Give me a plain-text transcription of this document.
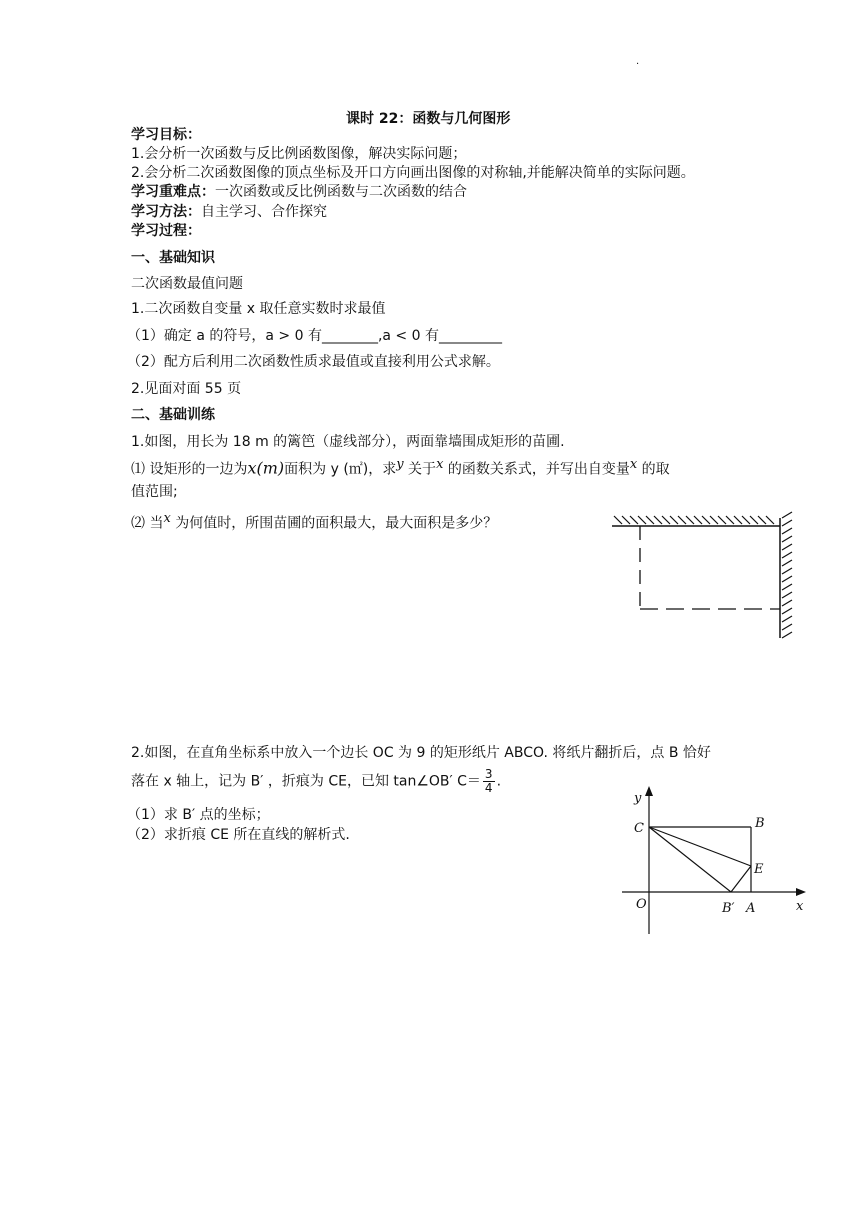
.
课时 22：函数与几何图形
学习目标：
1.会分析一次函数与反比例函数图像，解决实际问题；
2.会分析二次函数图像的顶点坐标及开口方向画出图像的对称轴,并能解决简单的实际问题。
学习重难点：一次函数或反比例函数与二次函数的结合
学习方法：自主学习、合作探究
学习过程：
一、基础知识
二次函数最值问题
1.二次函数自变量 x 取任意实数时求最值
（1）确定 a 的符号，a > 0 有________,a < 0 有_________
（2）配方后利用二次函数性质求最值或直接利用公式求解。
2.见面对面 55 页
二、基础训练
1.如图，用长为 18 m 的篱笆（虚线部分），两面靠墙围成矩形的苗圃.
⑴ 设矩形的一边为x(m)面积为 y (㎡)，求$^y$ 关于$^x$ 的函数关系式，并写出自变量$^x$ 的取
值范围;
⑵ 当$^x$ 为何值时，所围苗圃的面积最大，最大面积是多少？
2.如图，在直角坐标系中放入一个边长 OC 为 9 的矩形纸片 ABCO. 将纸片翻折后，点 B 恰好
落在 x 轴上，记为 B′ ，折痕为 CE，已知 tan∠OB′ $C= \frac{3}{4}$ .
（1）求 B′ 点的坐标；
（2）求折痕 CE 所在直线的解析式.
y
x
O
C	B
E
B′ A
